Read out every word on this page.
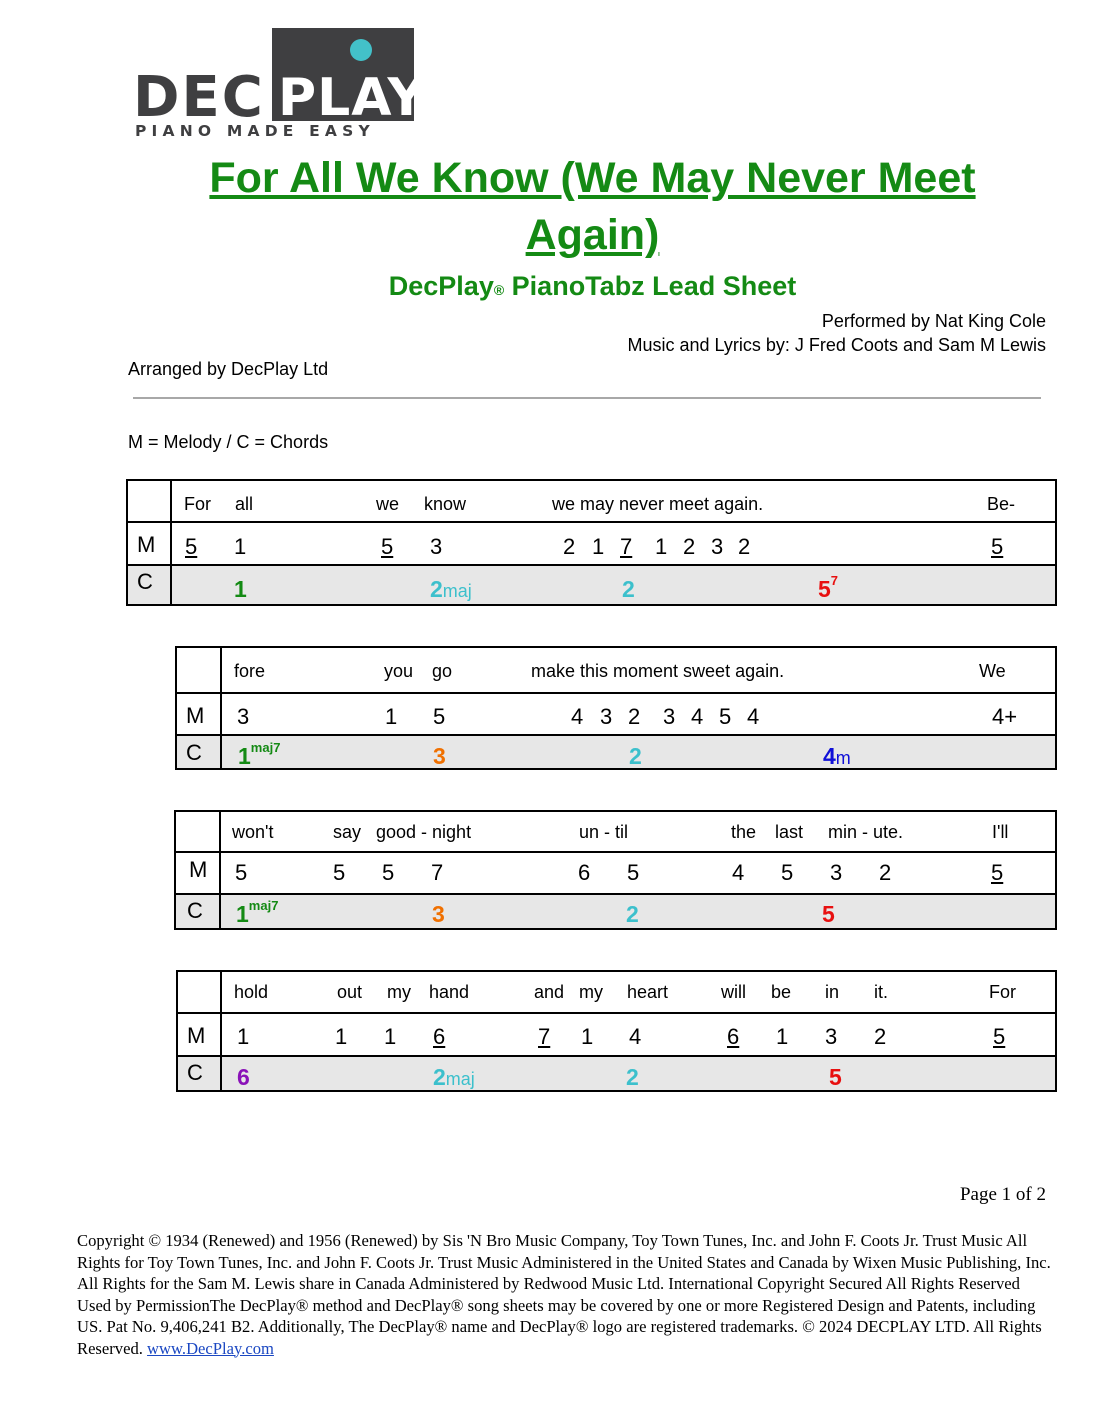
DEC PLAY
PIANO MADE EASY
For All We Know (We May Never Meet Again)
DecPlay® PianoTabz Lead Sheet
Performed by Nat King Cole
Music and Lyrics by: J Fred Coots and Sam M Lewis
Arranged by DecPlay Ltd
M = Melody / C = Chords
For all	we know	we may never meet again.	Be-
M 5 1	5 3	2 1 7 1 2 3 2	5
C	1	2maj	2	$5^7$
fore	you go	make this moment sweet again.	We
M 3	1 5	4 3 2 3 4 5 4	4+
C $1^{maj7}$	3	2	4m
won't	say good - night	un - til	the last min - ute.	I'll
M 5	5 5 7	6 5	4 5 3 2	5
C $1^{maj7}$	3	2	5
hold	out my hand	and my heart	will be in it.	For
M 1	1 1 6	7 1 4	6 1 3 2	5
C 6	2maj	2	5
Page 1 of 2
Copyright © 1934 (Renewed) and 1956 (Renewed) by Sis 'N Bro Music Company, Toy Town Tunes, Inc. and John F. Coots Jr. Trust Music All Rights for Toy Town Tunes, Inc. and John F. Coots Jr. Trust Music Administered in the United States and Canada by Wixen Music Publishing, Inc. All Rights for the Sam M. Lewis share in Canada Administered by Redwood Music Ltd. International Copyright Secured All Rights Reserved Used by PermissionThe DecPlay® method and DecPlay® song sheets may be covered by one or more Registered Design and Patents, including US. Pat No. 9,406,241 B2. Additionally, The DecPlay® name and DecPlay® logo are registered trademarks. © 2024 DECPLAY LTD. All Rights Reserved. www.DecPlay.com
